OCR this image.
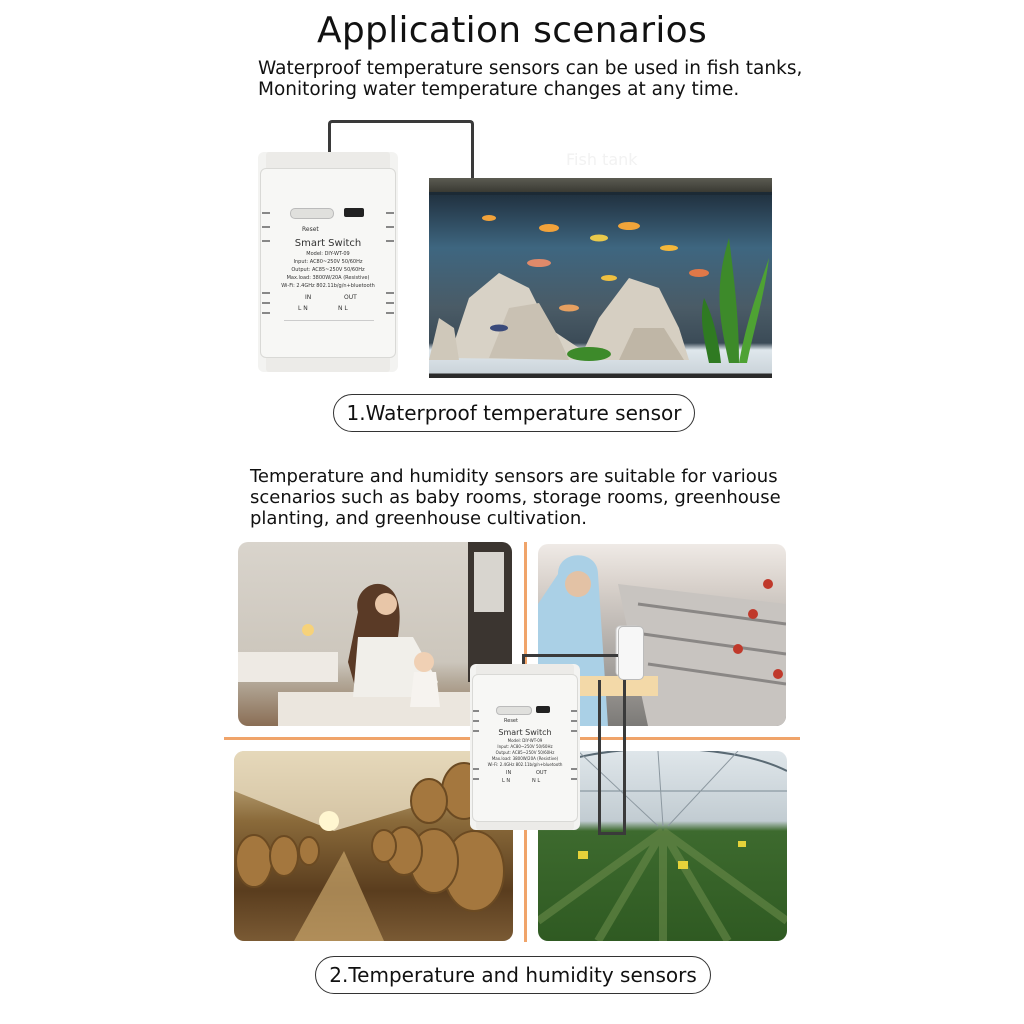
Application scenarios
Waterproof temperature sensors can be used in fish tanks,
Monitoring water temperature changes at any time.
Reset
Smart Switch
Model: DIY-WT-09
Input: AC80~250V 50/60Hz
Output: AC85~250V 50/60Hz
Max.load: 3800W/20A (Resistive)
Wi-Fi: 2.4GHz 802.11b/g/n+bluetooth
IN	OUT
L N	N L
Fish tank
1.Waterproof temperature sensor
Temperature and humidity sensors are suitable for various
scenarios such as baby rooms, storage rooms, greenhouse
planting, and greenhouse cultivation.
Reset
Smart Switch
Model: DIY-WT-09
Input: AC80~250V 50/60Hz
Output: AC85~250V 50/60Hz
Max.load: 3800W/20A (Resistive)
Wi-Fi: 2.4GHz 802.11b/g/n+bluetooth
IN	OUT
L N	N L
2.Temperature and humidity sensors
